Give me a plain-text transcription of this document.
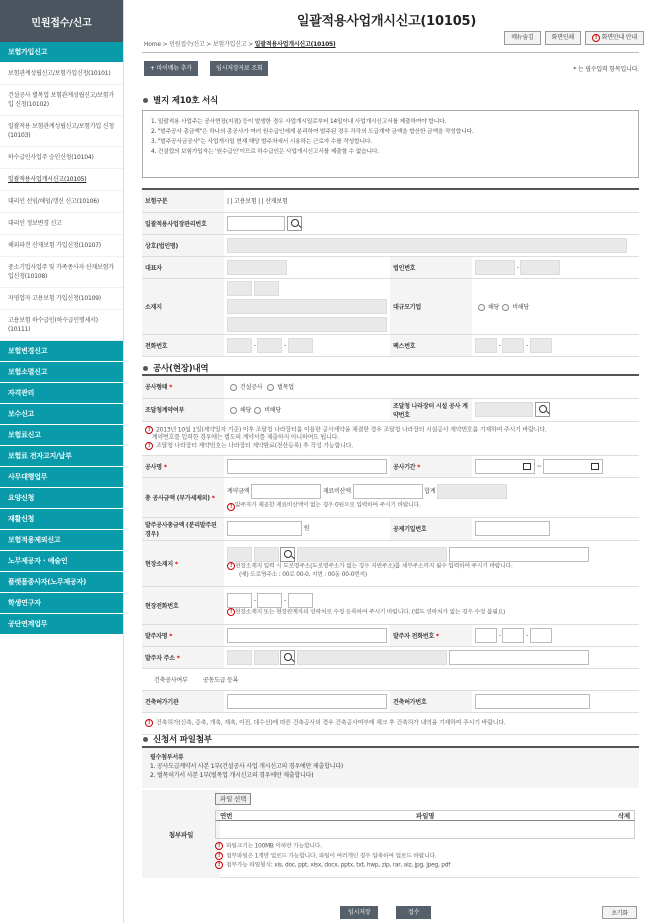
민원접수/신고
보험가입신고
보험관계성립신고/보험가입신청(10101)
건설공사 별목업 보험관계성립신고/보험가입 신청(10102)
일괄적용 보험관계성립신고/보험가입 신청(10103)
하수급인사업주 승인신청(10104)
일괄적용사업개시신고(10105)
대리인 선임/해임/갱신 신고(10106)
대리인 정보변경 신고
해외파견 산재보험 가입신청(10107)
중소기업사업주 및 가족종사자 산재보험가입신청(10108)
자영업자 고용보험 가입신청(10109)
고용보험 하수급인(하수급인명세서)(10111)
보험변경신고
보험소멸신고
자격관리
보수신고
보험료신고
보험료 전자고지/납부
사무대행업무
요양신청
재활신청
보험적용제외신고
노무제공자 · 예술인
플랫폼종사자(노무제공자)
학생연구자
공단연계업무
일괄적용사업개시신고(10105)
Home > 민원접수/신고 > 보험가입신고 > 일괄적용사업개시신고(10105)
메뉴숨김	화면인쇄	! 화면안내 안내
+ 마이메뉴 추가	임시저장자료 조회	* 는 필수입력 항목입니다.
별지 제10호 서식
1. 일괄적용 사업주는 공사현장(지점) 등이 발생한 경우 사업개시일로부터 14일이내 사업개시신고서를 제출하여야 합니다.
2. "발주공사 총금액"은 하나의 총공사가 여러 원수급인에게 분리하여 발주된 경우 각각의 도급계약 금액을 합산한 금액을 작성합니다.
3. "발주공사금공사"는 사업개시일 현재 해당 발주처에서 시용하는 근로자 수를 작성합니다.
4. 건설업의 보험가입자는 '원수급인'이므로 하수급인은 사업개시신고서를 제출할 수 없습니다.
보험구분	| | 고용보험 | | 산재보험		
일괄적용사업장관리번호			
상호(법인명)			
대표자		법인번호	-
소재지		대규모기업	해당 비해당
전화번호	- -	팩스번호	- -
공사(현장)내역
공사형태 *	건설공사 벌목업		
조달청계약여부	해당 비해당	조달청 나라장터 시설 공사 계약번호	
! 2013년 10월 1일(계약일자 기준) 이후 조달청 나라장터를 이용한 공사계약을 체결한 경우 조달청 나라장터 시설공사 계약번호를 기재하여 주시기 바랍니다.
계약번호를 입력한 경우에는 별도의 계약서를 제출하지 아니하여도 됩니다.
! 조달청 나라장터 계약번호는 나라장터 계약완료(전산등록) 후 작성 가능합니다.			
공사명 *		공사기간 *	~

총 공사금액 (부가세제외) *	계약금액 재료비산액 합계
! 발주자가 제공한 재료비산액이 없는 경우 0원으로 입력하여 주시기 바랍니다.		
발주공사총금액 (분리발주된 경우)	원	공제기일번호	
현장소재지 *	! 현장소재지 입력 시 도로명주소(도로명주소가 없는 경우 지번주소)를 세부주소까지 필수 입력하여 주시기 바랍니다.
(예) 도로명주소 : 00로 00-0, 지번 : 00동 00-0번지)		
현장전화번호	- -
! 현장소재지 또는 현장관계자의 연락처로 수정 등록하여 주시기 바랍니다. (별도 연락처가 없는 경우 수정 불필요)		
발주자명 *		발주자 전화번호 *	- -
발주자 주소 *			
건축공사여부 공동도급 등록			
건축허가기관		건축허가번호	
! 건축허가(신축, 증축, 개축, 재축, 이전, 대수선)에 따른 건축공사의 경우 건축공사여부에 체크 후 건축허가 내역을 기재하여 주시기 바랍니다.			
신청서 파일첨부
필수첨부서류
1. 공사도급계약서 사본 1부(건설공사 사업 개시신고의 경우에만 제출합니다)
2. 벌목허가서 사본 1부(벌목업 개시신고의 경우에만 제출합니다)
첨부파일
파일 선택
연번	파일명	삭제
! 파일크기는 100MB 이하만 가능합니다.
! 첨부파일은 1개만 업로드 가능합니다. 파일이 여러개인 경우 압축하여 업로드 바랍니다.
! 첨부가능 파일형식: xls, doc, ppt, xlsx, docx, pptx, txt, hwp, zip, rar, alz, jpg, jpeg, pdf
임시저장	접수	초기화
